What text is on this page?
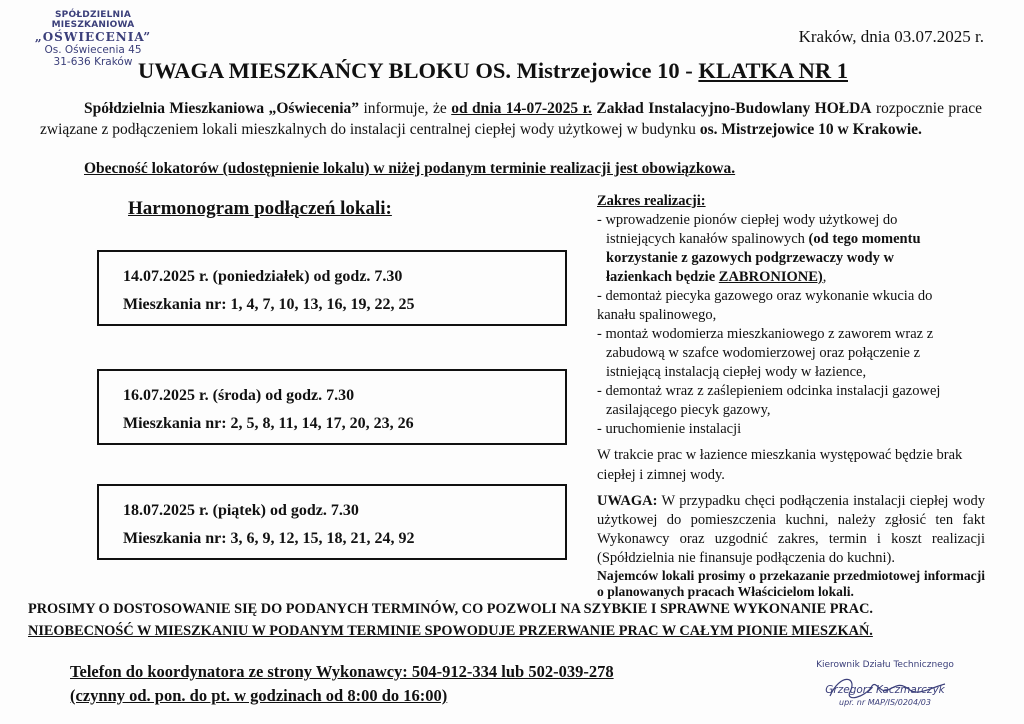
SPÓŁDZIELNIA MIESZKANIOWA
„OŚWIECENIA”
Os. Oświecenia 45
31-636 Kraków
Kraków, dnia 03.07.2025 r.
UWAGA MIESZKAŃCY BLOKU OS. Mistrzejowice 10 - KLATKA NR 1

Spółdzielnia Mieszkaniowa „Oświecenia” informuje, że od dnia 14-07-2025 r. Zakład Instalacyjno-Budowlany HOŁDA rozpocznie prace związane z podłączeniem lokali mieszkalnych do instalacji centralnej ciepłej wody użytkowej w budynku os. Mistrzejowice 10 w Krakowie.

Obecność lokatorów (udostępnienie lokalu) w niżej podanym terminie realizacji jest obowiązkowa.
Harmonogram podłączeń lokali:
14.07.2025 r. (poniedziałek) od godz. 7.30
Mieszkania nr: 1, 4, 7, 10, 13, 16, 19, 22, 25
16.07.2025 r. (środa) od godz. 7.30
Mieszkania nr: 2, 5, 8, 11, 14, 17, 20, 23, 26
18.07.2025 r. (piątek) od godz. 7.30
Mieszkania nr: 3, 6, 9, 12, 15, 18, 21, 24, 92
Zakres realizacji:
- wprowadzenie pionów ciepłej wody użytkowej do
istniejących kanałów spalinowych (od tego momentu
korzystanie z gazowych podgrzewaczy wody w
łazienkach będzie ZABRONIONE),
- demontaż piecyka gazowego oraz wykonanie wkucia do
kanału spalinowego,
- montaż wodomierza mieszkaniowego z zaworem wraz z
zabudową w szafce wodomierzowej oraz połączenie z
istniejącą instalacją ciepłej wody w łazience,
- demontaż wraz z zaślepieniem odcinka instalacji gazowej
zasilającego piecyk gazowy,
- uruchomienie instalacji
W trakcie prac w łazience mieszkania występować będzie brak ciepłej i zimnej wody.
UWAGA: W przypadku chęci podłączenia instalacji ciepłej wody użytkowej do pomieszczenia kuchni, należy zgłosić ten fakt Wykonawcy oraz uzgodnić zakres, termin i koszt realizacji (Spółdzielnia nie finansuje podłączenia do kuchni).
Najemców lokali prosimy o przekazanie przedmiotowej informacji o planowanych pracach Właścicielom lokali.
PROSIMY O DOSTOSOWANIE SIĘ DO PODANYCH TERMINÓW, CO POZWOLI NA SZYBKIE I SPRAWNE WYKONANIE PRAC.
NIEOBECNOŚĆ W MIESZKANIU W PODANYM TERMINIE SPOWODUJE PRZERWANIE PRAC W CAŁYM PIONIE MIESZKAŃ.
Telefon do koordynatora ze strony Wykonawcy: 504-912-334 lub 502-039-278
(czynny od. pon. do pt. w godzinach od 8:00 do 16:00)
Kierownik Działu Technicznego
Grzegorz Kaczmarczyk
upr. nr MAP/IS/0204/03
